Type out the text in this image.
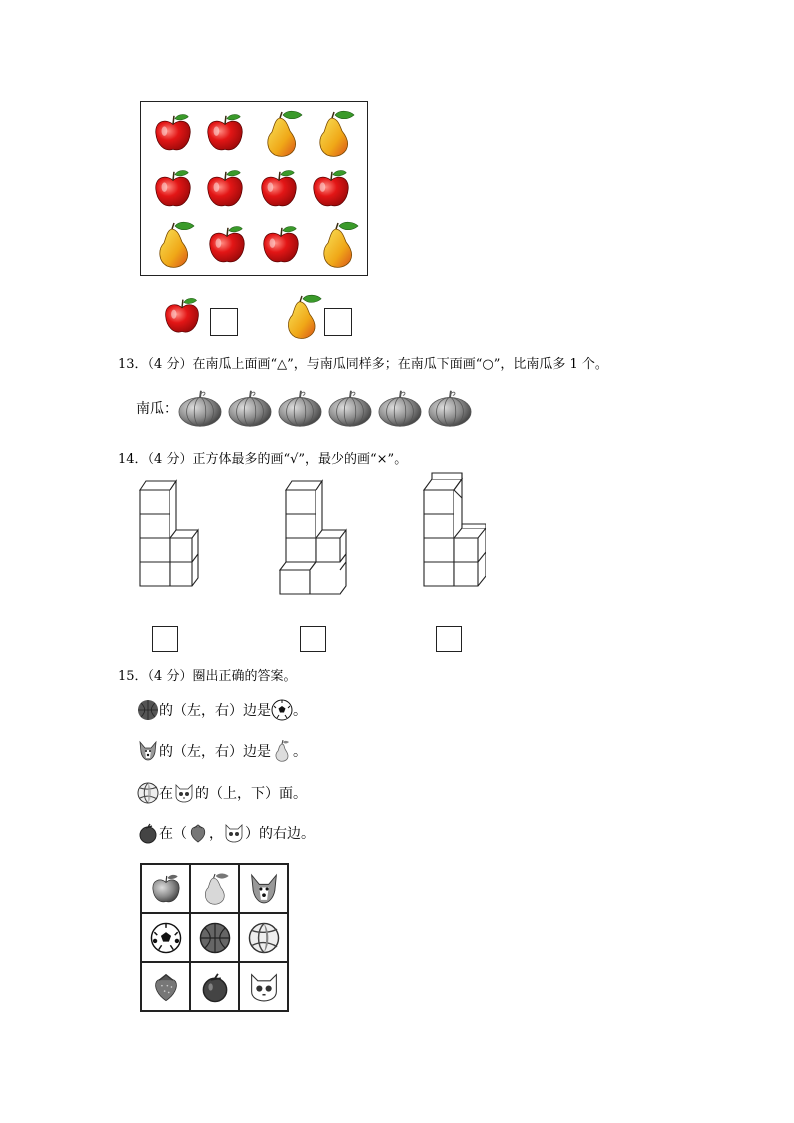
13．（4 分）在南瓜上面画“△”，与南瓜同样多；在南瓜下面画“○”，比南瓜多 1 个。
南瓜：
14．（4 分）正方体最多的画“√”，最少的画“×”。
15．（4 分）圈出正确的答案。
的（左，右）边是 。
的（左，右）边是 。
在 的（上，下）面。
在（ ， ）的右边。
